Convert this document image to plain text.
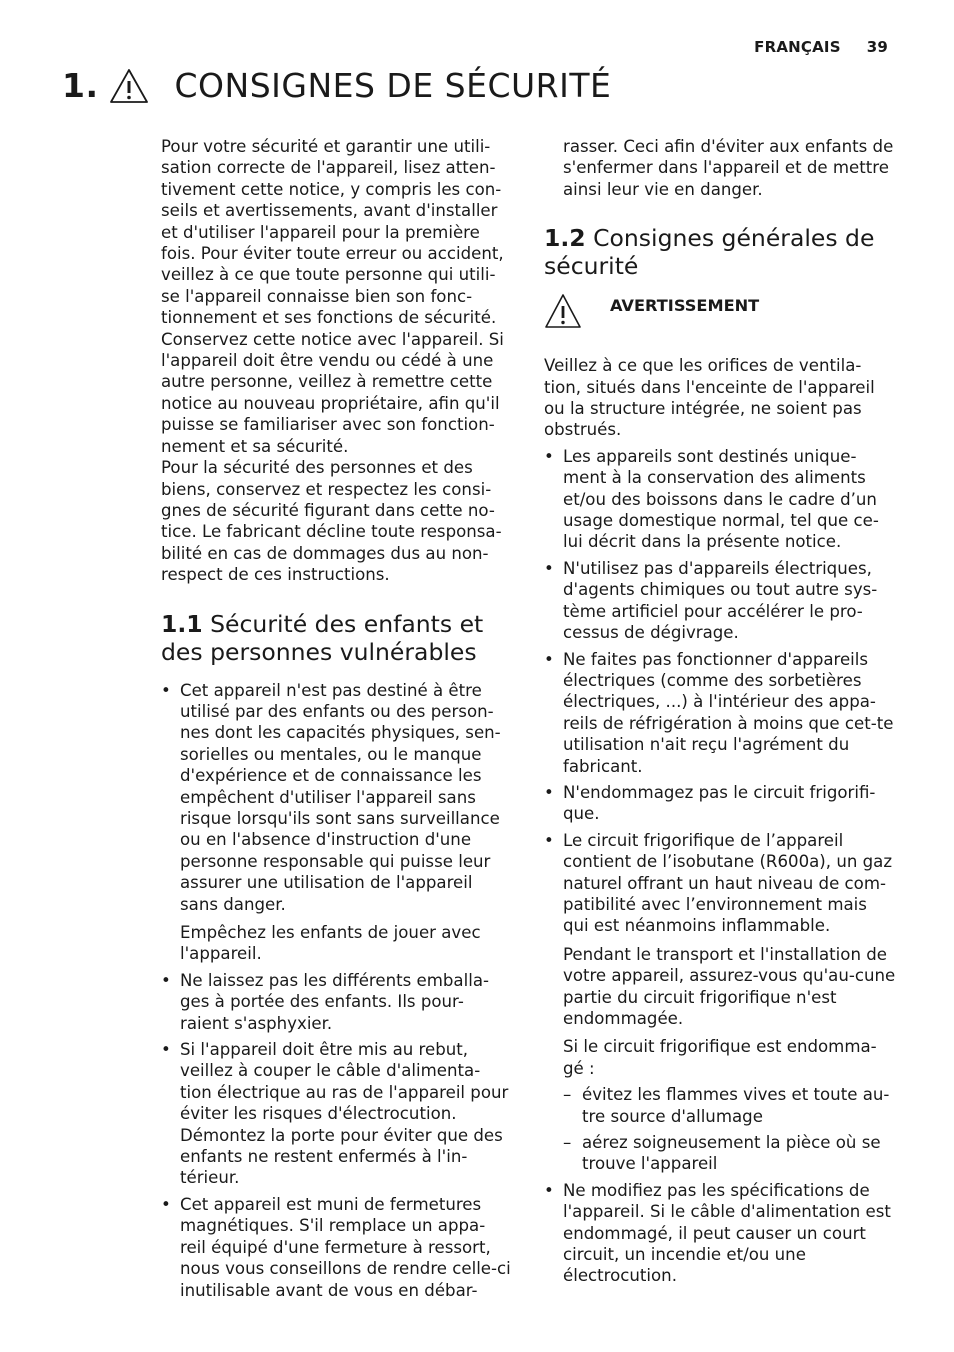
FRANÇAIS 39
1. CONSIGNES DE SÉCURITÉ

Pour votre sécurité et garantir une utili-sation correcte de l'appareil, lisez atten-tivement cette notice, y compris les con-seils et avertissements, avant d'installer et d'utiliser l'appareil pour la première fois. Pour éviter toute erreur ou accident, veillez à ce que toute personne qui utili-se l'appareil connaisse bien son fonc-tionnement et ses fonctions de sécurité. Conservez cette notice avec l'appareil. Si l'appareil doit être vendu ou cédé à une autre personne, veillez à remettre cette notice au nouveau propriétaire, afin qu'il puisse se familiariser avec son fonction-nement et sa sécurité.

Pour la sécurité des personnes et des biens, conservez et respectez les consi-gnes de sécurité figurant dans cette no-tice. Le fabricant décline toute responsa-bilité en cas de dommages dus au non-respect de ces instructions.

1.1 Sécurité des enfants et des personnes vulnérables

• Cet appareil n'est pas destiné à être utilisé par des enfants ou des person-nes dont les capacités physiques, sen-sorielles ou mentales, ou le manque d'expérience et de connaissance les empêchent d'utiliser l'appareil sans risque lorsqu'ils sont sans surveillance ou en l'absence d'instruction d'une personne responsable qui puisse leur assurer une utilisation de l'appareil sans danger.

Empêchez les enfants de jouer avec l'appareil.

• Ne laissez pas les différents emballa-ges à portée des enfants. Ils pour-raient s'asphyxier.

• Si l'appareil doit être mis au rebut, veillez à couper le câble d'alimenta-tion électrique au ras de l'appareil pour éviter les risques d'électrocution. Démontez la porte pour éviter que des enfants ne restent enfermés à l'in-térieur.

• Cet appareil est muni de fermetures magnétiques. S'il remplace un appa-reil équipé d'une fermeture à ressort, nous vous conseillons de rendre celle-ci inutilisable avant de vous en débar-

rasser. Ceci afin d'éviter aux enfants de s'enfermer dans l'appareil et de mettre ainsi leur vie en danger.

1.2 Consignes générales de sécurité
AVERTISSEMENT

Veillez à ce que les orifices de ventila-tion, situés dans l'enceinte de l'appareil ou la structure intégrée, ne soient pas obstrués.

• Les appareils sont destinés unique-ment à la conservation des aliments et/ou des boissons dans le cadre d’un usage domestique normal, tel que ce-lui décrit dans la présente notice.

• N'utilisez pas d'appareils électriques, d'agents chimiques ou tout autre sys-tème artificiel pour accélérer le pro-cessus de dégivrage.

• Ne faites pas fonctionner d'appareils électriques (comme des sorbetières électriques, ...) à l'intérieur des appa-reils de réfrigération à moins que cet-te utilisation n'ait reçu l'agrément du fabricant.

• N'endommagez pas le circuit frigorifi-que.

• Le circuit frigorifique de l’appareil contient de l’isobutane (R600a), un gaz naturel offrant un haut niveau de com-patibilité avec l’environnement mais qui est néanmoins inflammable.

Pendant le transport et l'installation de votre appareil, assurez-vous qu'au-cune partie du circuit frigorifique n'est endommagée.

Si le circuit frigorifique est endomma-gé :

– évitez les flammes vives et toute au-tre source d'allumage
– aérez soigneusement la pièce où se trouve l'appareil

• Ne modifiez pas les spécifications de l'appareil. Si le câble d'alimentation est endommagé, il peut causer un court circuit, un incendie et/ou une électrocution.
